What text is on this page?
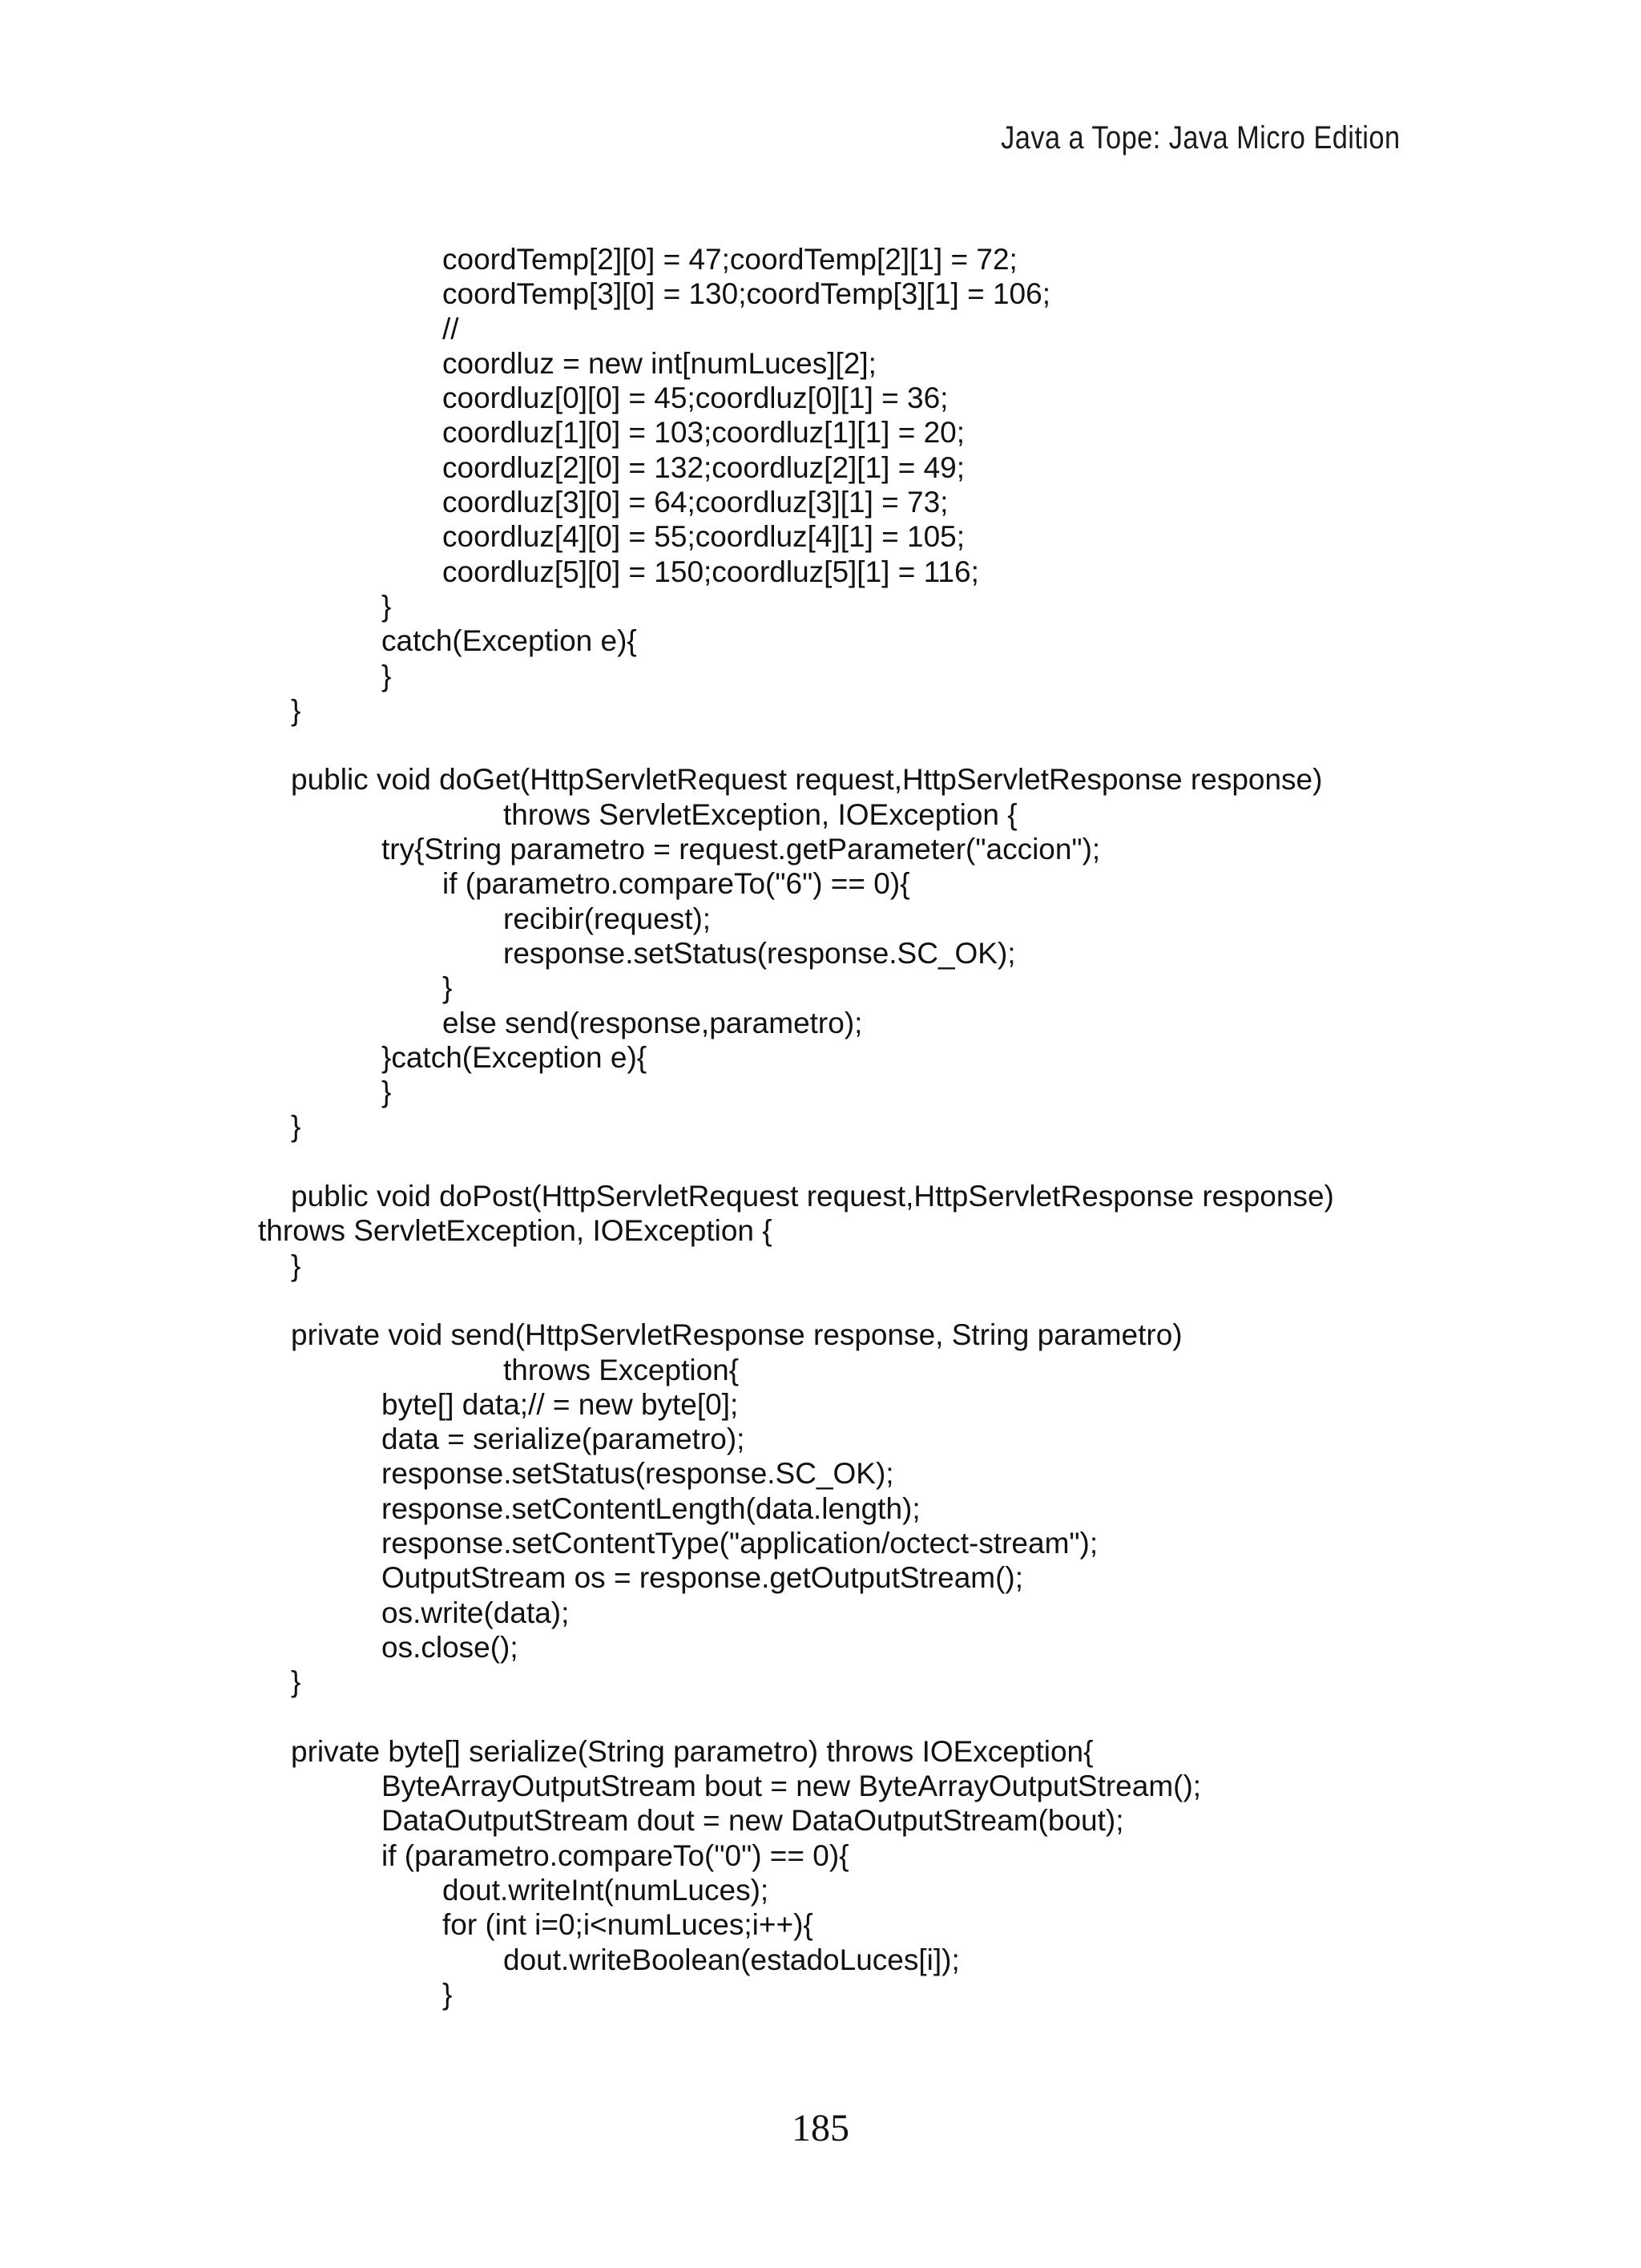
Java a Tope: Java Micro Edition
coordTemp[2][0] = 47;coordTemp[2][1] = 72;
coordTemp[3][0] = 130;coordTemp[3][1] = 106;
//
coordluz = new int[numLuces][2];
coordluz[0][0] = 45;coordluz[0][1] = 36;
coordluz[1][0] = 103;coordluz[1][1] = 20;
coordluz[2][0] = 132;coordluz[2][1] = 49;
coordluz[3][0] = 64;coordluz[3][1] = 73;
coordluz[4][0] = 55;coordluz[4][1] = 105;
coordluz[5][0] = 150;coordluz[5][1] = 116;
}
catch(Exception e){
}
}
public void doGet(HttpServletRequest request,HttpServletResponse response)
throws ServletException, IOException {
try{String parametro = request.getParameter("accion");
if (parametro.compareTo("6") == 0){
recibir(request);
response.setStatus(response.SC_OK);
}
else send(response,parametro);
}catch(Exception e){
}
}
public void doPost(HttpServletRequest request,HttpServletResponse response)
throws ServletException, IOException {
}
private void send(HttpServletResponse response, String parametro)
throws Exception{
byte[] data;// = new byte[0];
data = serialize(parametro);
response.setStatus(response.SC_OK);
response.setContentLength(data.length);
response.setContentType("application/octect-stream");
OutputStream os = response.getOutputStream();
os.write(data);
os.close();
}
private byte[] serialize(String parametro) throws IOException{
ByteArrayOutputStream bout = new ByteArrayOutputStream();
DataOutputStream dout = new DataOutputStream(bout);
if (parametro.compareTo("0") == 0){
dout.writeInt(numLuces);
for (int i=0;i<numLuces;i++){
dout.writeBoolean(estadoLuces[i]);
}
185
